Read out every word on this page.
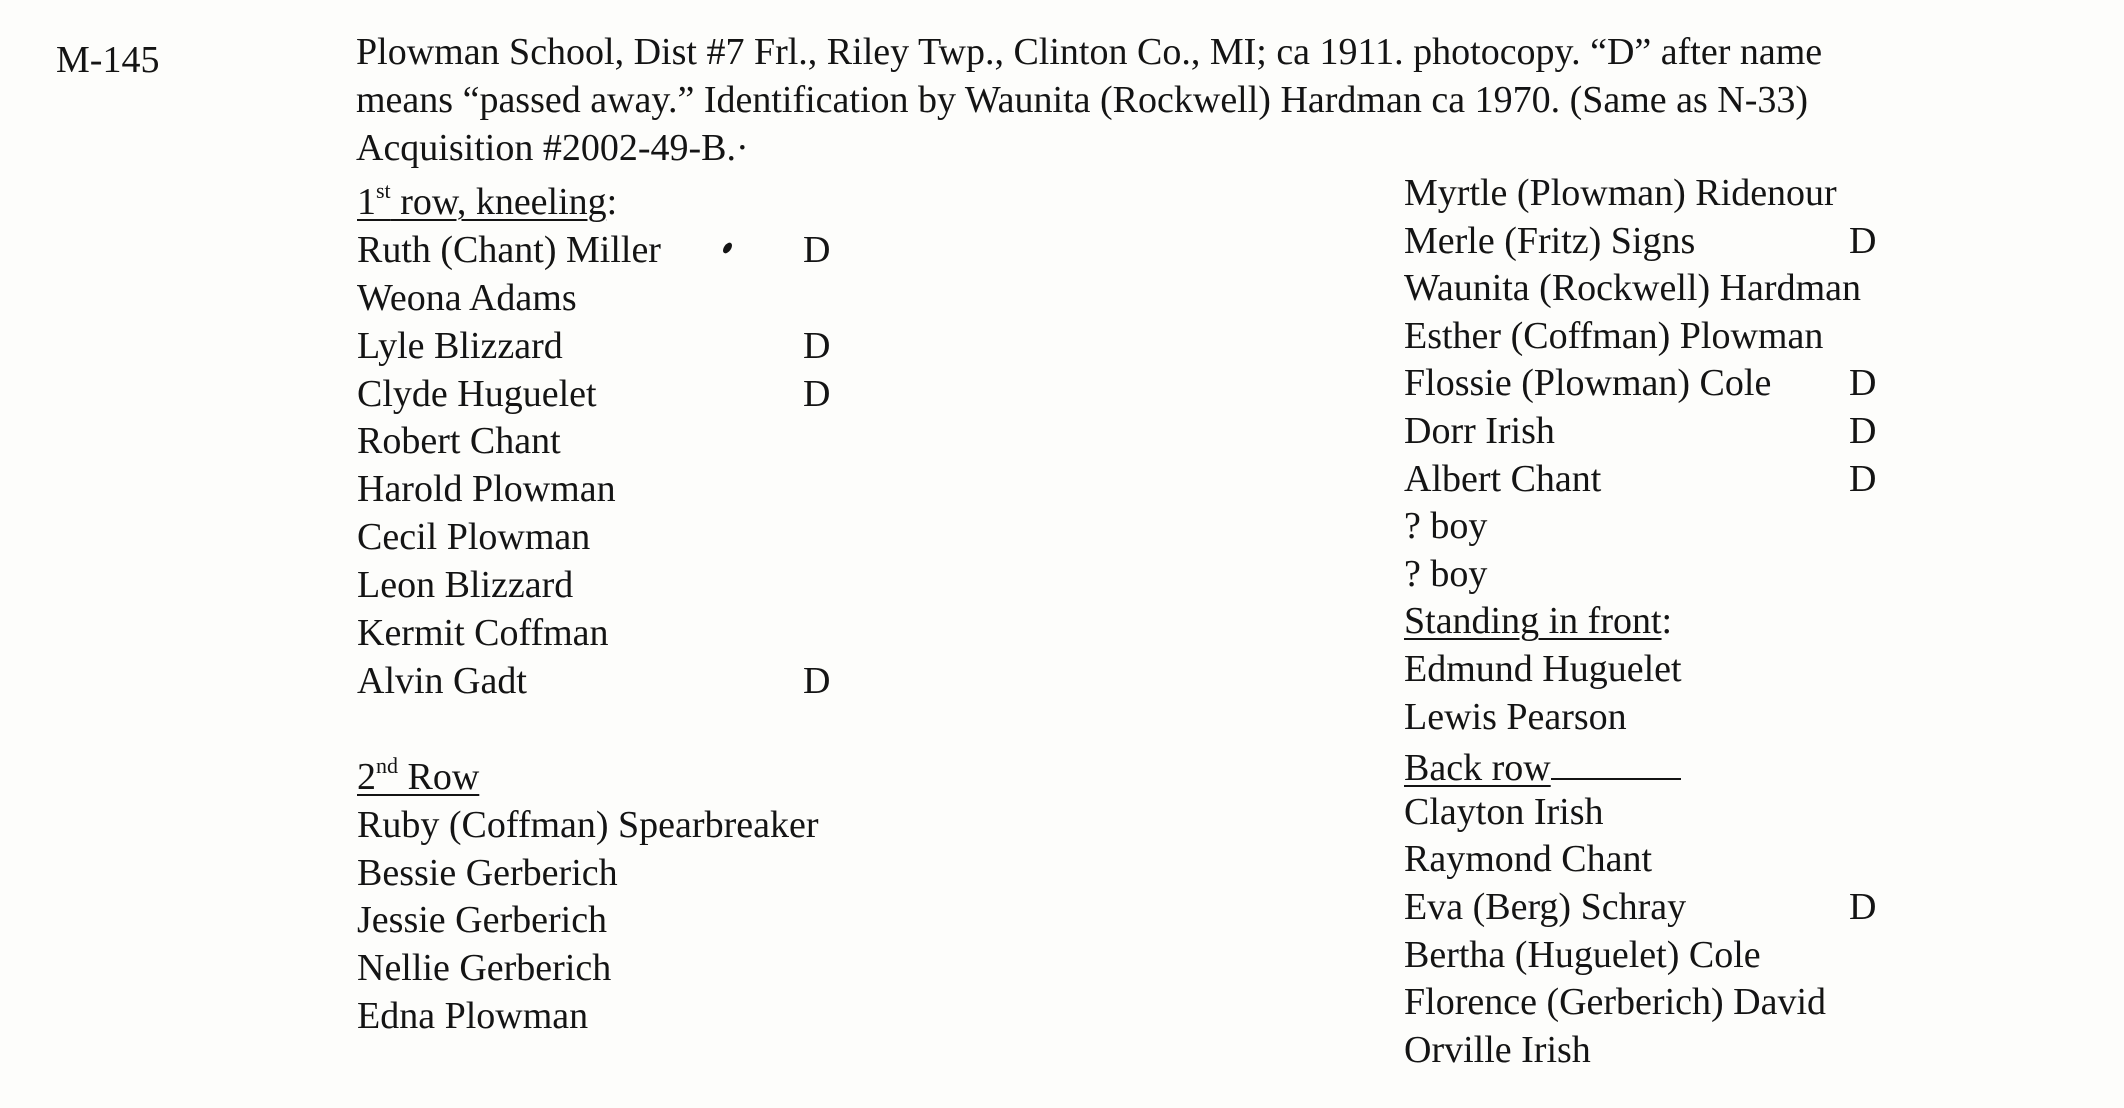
M-145	Plowman School, Dist #7 Frl., Riley Twp., Clinton Co., MI; ca 1911. photocopy. “D” after name
means “passed away.” Identification by Waunita (Rockwell) Hardman ca 1970. (Same as N-33)
Acquisition #2002-49-B.·
1st row, kneeling:
Ruth (Chant) Miller	D
Weona Adams
Lyle Blizzard	D
Clyde Huguelet	D
Robert Chant
Harold Plowman
Cecil Plowman
Leon Blizzard
Kermit Coffman
Alvin Gadt	D
2nd Row
Ruby (Coffman) Spearbreaker
Bessie Gerberich
Jessie Gerberich
Nellie Gerberich
Edna Plowman
Myrtle (Plowman) Ridenour
Merle (Fritz) Signs	D
Waunita (Rockwell) Hardman
Esther (Coffman) Plowman
Flossie (Plowman) Cole D
Dorr Irish	D
Albert Chant	D
? boy
? boy
Standing in front:
Edmund Huguelet
Lewis Pearson
Back row
Clayton Irish
Raymond Chant
Eva (Berg) Schray	D
Bertha (Huguelet) Cole
Florence (Gerberich) David
Orville Irish
